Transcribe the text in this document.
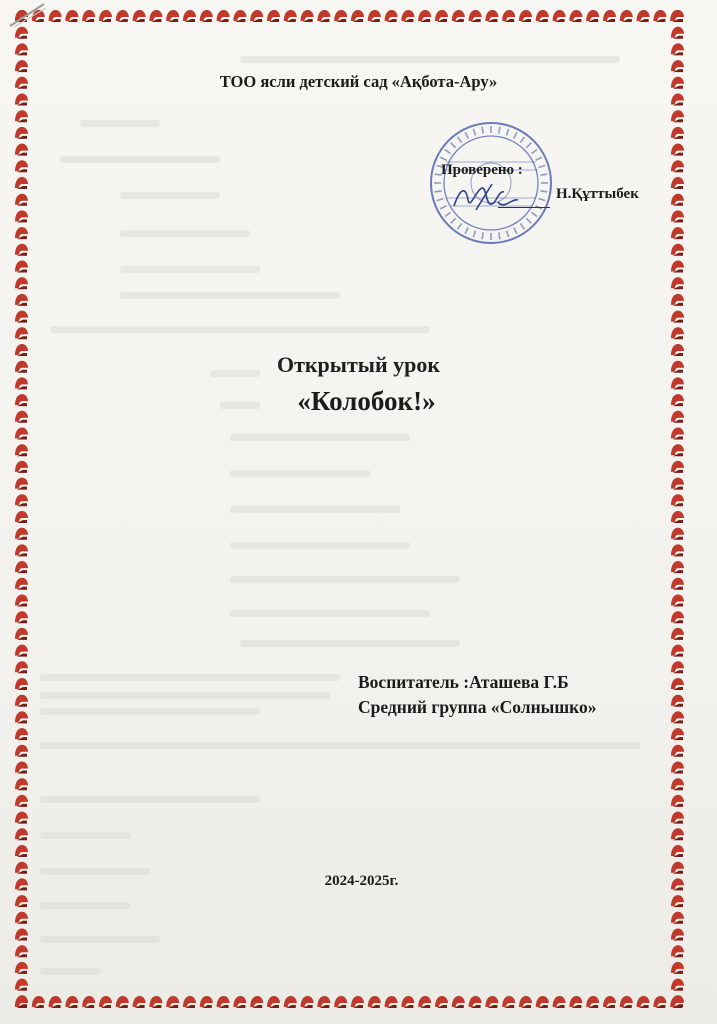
ТОО ясли детский сад «Ақбота-Ару»
Проверено :
Н.Құттыбек
Открытый урок
«Колобок!»
Воспитатель :Аташева Г.Б
Средний группа «Солнышко»
2024-2025г.
